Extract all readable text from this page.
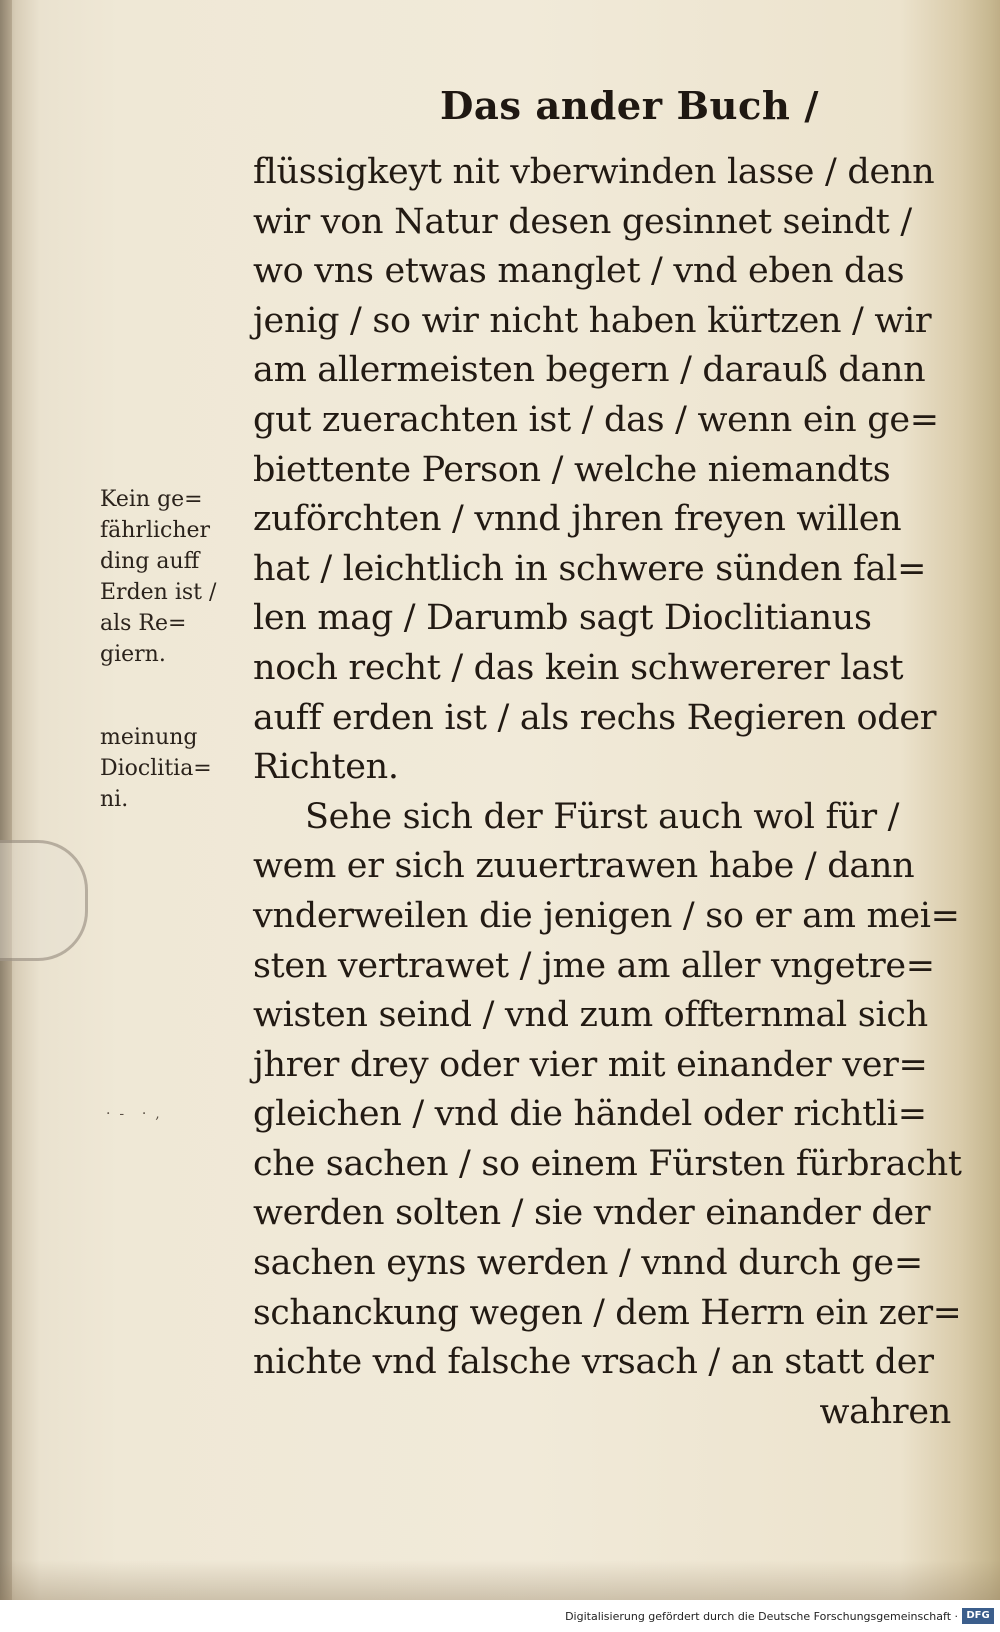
Das ander Buch /
Kein ge=
fährlicher
ding auff
Erden ist /
als Re=
giern.
meinung
Dioclitia=
ni.
·  -    ·  ,
flüssigkeyt nit vberwinden lasse / denn
wir von Natur desen gesinnet seindt /
wo vns etwas manglet / vnd eben das
jenig / so wir nicht haben kürtzen / wir
am allermeisten begern / darauß dann
gut zuerachten ist / das / wenn ein ge=
biettente Person / welche niemandts
zuförchten / vnnd jhren freyen willen
hat / leichtlich in schwere sünden fal=
len mag / Darumb sagt Dioclitianus
noch recht / das kein schwererer last
auff erden ist / als rechs Regieren oder
Richten.
Sehe sich der Fürst auch wol für /
wem er sich zuuertrawen habe / dann
vnderweilen die jenigen / so er am mei=
sten vertrawet / jme am aller vngetre=
wisten seind / vnd zum offternmal sich
jhrer drey oder vier mit einander ver=
gleichen / vnd die händel oder richtli=
che sachen / so einem Fürsten fürbracht
werden solten / sie vnder einander der
sachen eyns werden / vnnd durch ge=
schanckung wegen / dem Herrn ein zer=
nichte vnd falsche vrsach / an statt der
wahren
Digitalisierung gefördert durch die Deutsche Forschungsgemeinschaft · DFG
